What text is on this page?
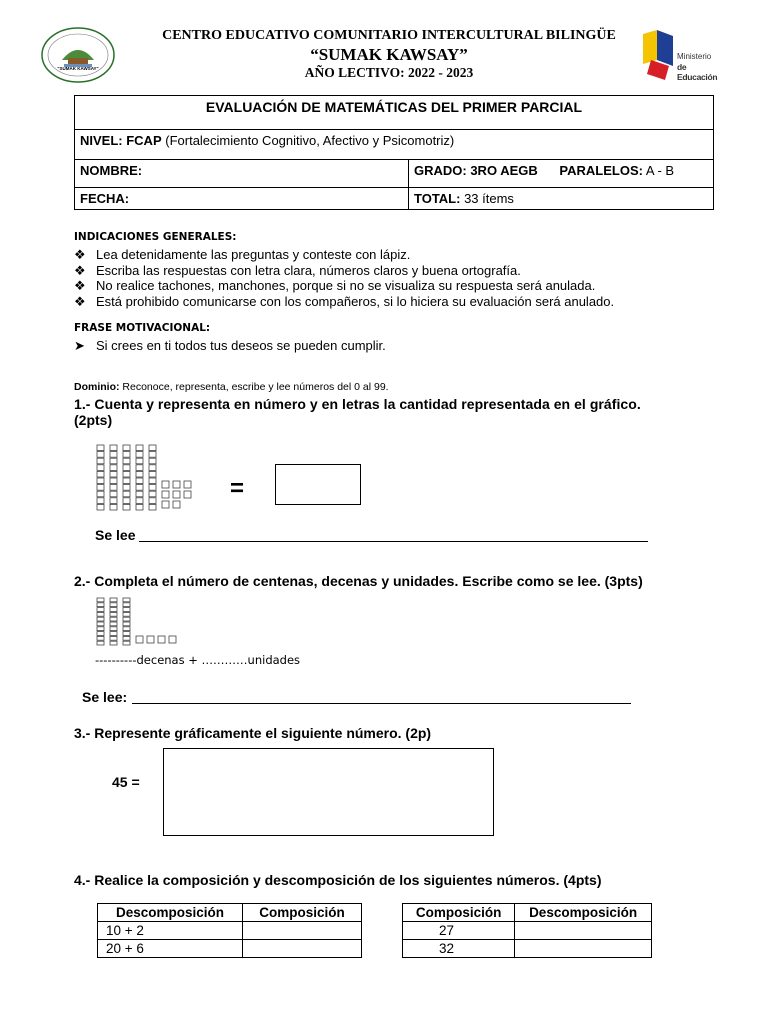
"SUMAK KAWSAY"
Ministerio
de Educación
CENTRO EDUCATIVO COMUNITARIO INTERCULTURAL BILINGÜE
“SUMAK KAWSAY”
AÑO LECTIVO: 2022 - 2023
EVALUACIÓN DE MATEMÁTICAS DEL PRIMER PARCIAL	
NIVEL: FCAP (Fortalecimiento Cognitivo, Afectivo y Psicomotriz)	
NOMBRE:	GRADO: 3RO AEGB PARALELOS: A - B
FECHA:	TOTAL: 33 ítems
INDICACIONES GENERALES:
❖ Lea detenidamente las preguntas y conteste con lápiz.
❖ Escriba las respuestas con letra clara, números claros y buena ortografía.
❖ No realice tachones, manchones, porque si no se visualiza su respuesta será anulada.
❖ Está prohibido comunicarse con los compañeros, si lo hiciera su evaluación será anulado.
FRASE MOTIVACIONAL:
➤ Si crees en ti todos tus deseos se pueden cumplir.
Dominio: Reconoce, representa, escribe y lee números del 0 al 99.
1.- Cuenta y representa en número y en letras la cantidad representada en el gráfico.
(2pts)
=
Se lee
2.- Completa el número de centenas, decenas y unidades. Escribe como se lee. (3pts)
----------decenas + …………unidades
Se lee:
3.- Represente gráficamente el siguiente número. (2p)
45 =
4.- Realice la composición y descomposición de los siguientes números. (4pts)
Descomposición	Composición
10 + 2	
20 + 6	
Composición	Descomposición
27	
32	
